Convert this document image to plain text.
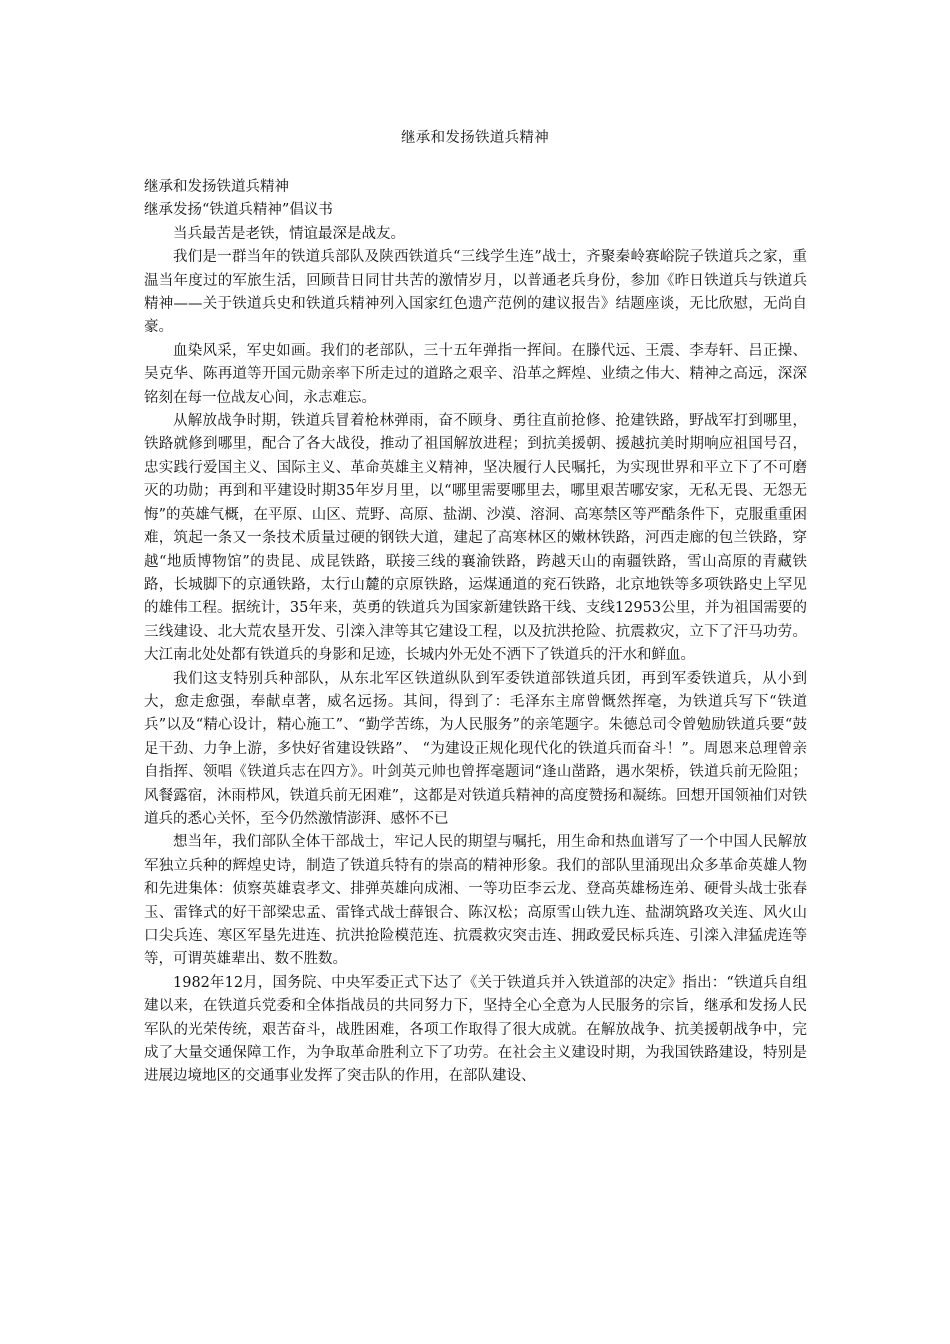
继承和发扬铁道兵精神

继承和发扬铁道兵精神

继承发扬“铁道兵精神”倡议书

当兵最苦是老铁，情谊最深是战友。

我们是一群当年的铁道兵部队及陕西铁道兵“三线学生连”战士，齐聚秦岭赛峪院子铁道兵之家，重温当年度过的军旅生活，回顾昔日同甘共苦的激情岁月，以普通老兵身份，参加《昨日铁道兵与铁道兵精神——关于铁道兵史和铁道兵精神列入国家红色遗产范例的建议报告》结题座谈，无比欣慰，无尚自豪。

血染风采，军史如画。我们的老部队，三十五年弹指一挥间。在滕代远、王震、李寿轩、吕正操、吴克华、陈再道等开国元勋亲率下所走过的道路之艰辛、沿革之辉煌、业绩之伟大、精神之高远，深深铭刻在每一位战友心间，永志难忘。

从解放战争时期，铁道兵冒着枪林弹雨，奋不顾身、勇往直前抢修、抢建铁路，野战军打到哪里，铁路就修到哪里，配合了各大战役，推动了祖国解放进程；到抗美援朝、援越抗美时期响应祖国号召，忠实践行爱国主义、国际主义、革命英雄主义精神，坚决履行人民嘱托，为实现世界和平立下了不可磨灭的功勋；再到和平建设时期35年岁月里，以“哪里需要哪里去，哪里艰苦哪安家，无私无畏、无怨无悔”的英雄气概，在平原、山区、荒野、高原、盐湖、沙漠、溶洞、高寒禁区等严酷条件下，克服重重困难，筑起一条又一条技术质量过硬的钢铁大道，建起了高寒林区的嫩林铁路，河西走廊的包兰铁路，穿越“地质博物馆”的贵昆、成昆铁路，联接三线的襄渝铁路，跨越天山的南疆铁路，雪山高原的青藏铁路，长城脚下的京通铁路，太行山麓的京原铁路，运煤通道的兖石铁路，北京地铁等多项铁路史上罕见的雄伟工程。据统计，35年来，英勇的铁道兵为国家新建铁路干线、支线12953公里，并为祖国需要的三线建设、北大荒农垦开发、引滦入津等其它建设工程，以及抗洪抢险、抗震救灾，立下了汗马功劳。大江南北处处都有铁道兵的身影和足迹，长城内外无处不洒下了铁道兵的汗水和鲜血。

我们这支特别兵种部队，从东北军区铁道纵队到军委铁道部铁道兵团，再到军委铁道兵，从小到大，愈走愈强，奉献卓著，威名远扬。其间，得到了：毛泽东主席曾慨然挥毫，为铁道兵写下“铁道兵”以及“精心设计，精心施工”、“勤学苦练，为人民服务”的亲笔题字。朱德总司令曾勉励铁道兵要“鼓足干劲、力争上游，多快好省建设铁路”、 “为建设正规化现代化的铁道兵而奋斗！”。周恩来总理曾亲自指挥、领唱《铁道兵志在四方》。叶剑英元帅也曾挥毫题词“逢山凿路，遇水架桥，铁道兵前无险阻；风餐露宿，沐雨栉风，铁道兵前无困难”，这都是对铁道兵精神的高度赞扬和凝练。回想开国领袖们对铁道兵的悉心关怀，至今仍然激情澎湃、感怀不已

想当年，我们部队全体干部战士，牢记人民的期望与嘱托，用生命和热血谱写了一个中国人民解放军独立兵种的辉煌史诗，制造了铁道兵特有的崇高的精神形象。我们的部队里涌现出众多革命英雄人物和先进集体：侦察英雄袁孝文、排弹英雄向成湘、一等功臣李云龙、登高英雄杨连弟、硬骨头战士张春玉、雷锋式的好干部梁忠孟、雷锋式战士薛银合、陈汉松；高原雪山铁九连、盐湖筑路攻关连、风火山口尖兵连、寒区军垦先进连、抗洪抢险模范连、抗震救灾突击连、拥政爱民标兵连、引滦入津猛虎连等等，可谓英雄辈出、数不胜数。

1982年12月，国务院、中央军委正式下达了《关于铁道兵并入铁道部的决定》指出：“铁道兵自组建以来，在铁道兵党委和全体指战员的共同努力下，坚持全心全意为人民服务的宗旨，继承和发扬人民军队的光荣传统，艰苦奋斗，战胜困难，各项工作取得了很大成就。在解放战争、抗美援朝战争中，完成了大量交通保障工作，为争取革命胜利立下了功劳。在社会主义建设时期，为我国铁路建设，特别是进展边境地区的交通事业发挥了突击队的作用，在部队建设、
